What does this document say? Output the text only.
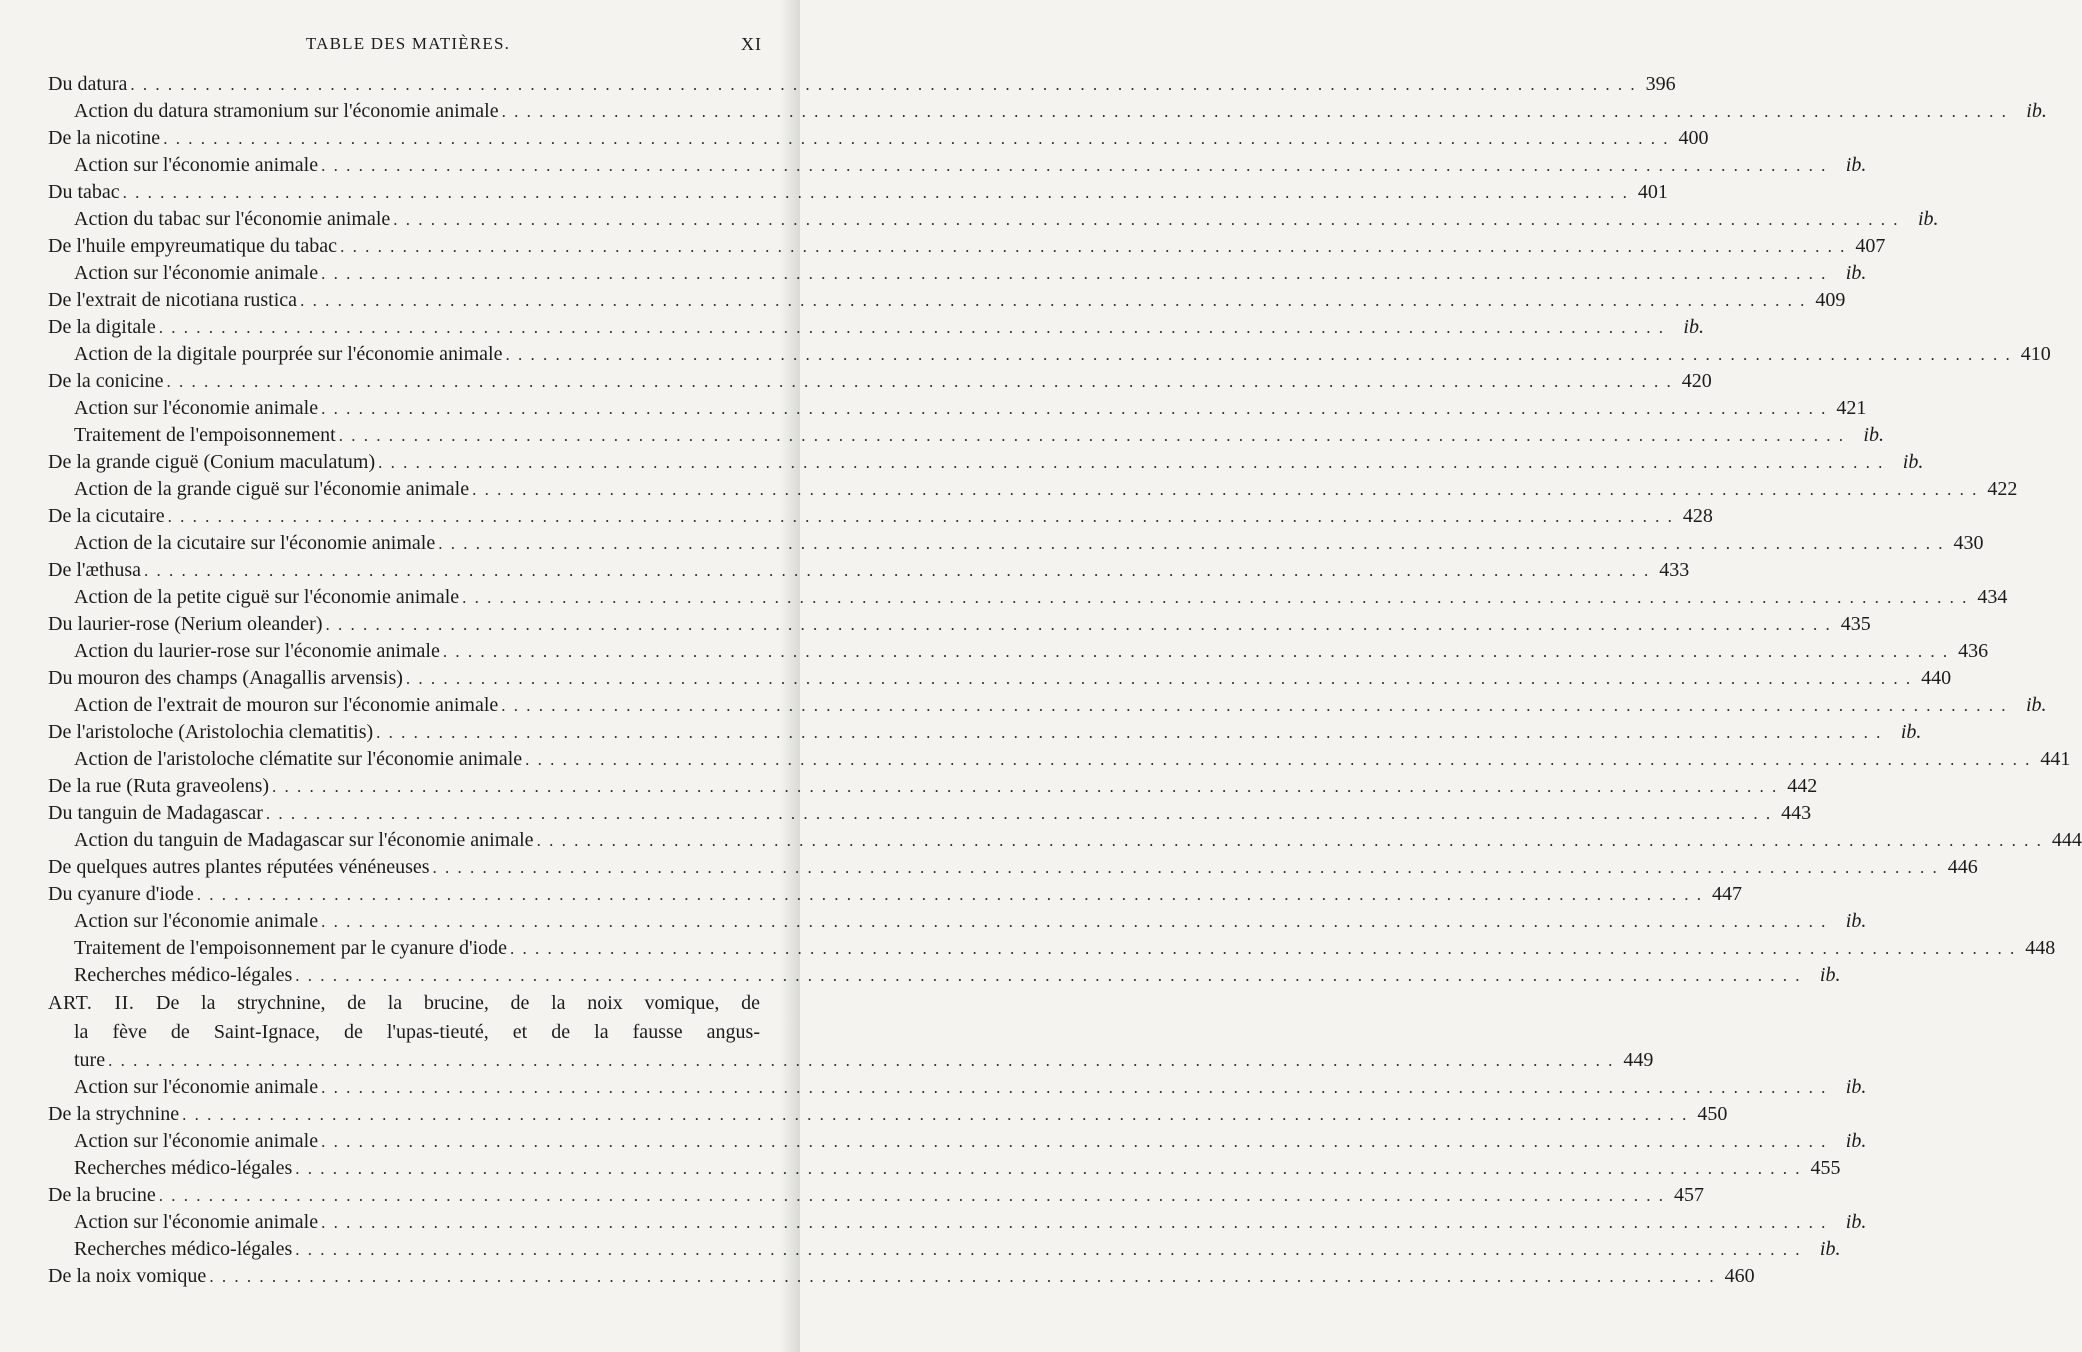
TABLE DES MATIÈRES.	XI
Du datura . . .	396
Action du datura stramonium sur l'économie animale . . .	ib.
De la nicotine . . .	400
Action sur l'économie animale . . .	ib.
Du tabac . . .	401
Action du tabac sur l'économie animale . . .	ib.
De l'huile empyreumatique du tabac . . .	407
Action sur l'économie animale . . .	ib.
De l'extrait de nicotiana rustica . . .	409
De la digitale . . .	ib.
Action de la digitale pourprée sur l'économie animale . . .	410
De la conicine . . .	420
Action sur l'économie animale . . .	421
Traitement de l'empoisonnement . . .	ib.
De la grande ciguë (Conium maculatum) . . .	ib.
Action de la grande ciguë sur l'économie animale . . .	422
De la cicutaire . . .	428
Action de la cicutaire sur l'économie animale . . .	430
De l'æthusa . . .	433
Action de la petite ciguë sur l'économie animale . . .	434
Du laurier-rose (Nerium oleander) . . .	435
Action du laurier-rose sur l'économie animale . . .	436
Du mouron des champs (Anagallis arvensis) . . .	440
Action de l'extrait de mouron sur l'économie animale . . .	ib.
De l'aristoloche (Aristolochia clematitis) . . .	ib.
Action de l'aristoloche clématite sur l'économie animale . . .	441
De la rue (Ruta graveolens) . . .	442
Du tanguin de Madagascar . . .	443
Action du tanguin de Madagascar sur l'économie animale . . .	444
De quelques autres plantes réputées vénéneuses . . .	446
Du cyanure d'iode . . .	447
Action sur l'économie animale . . .	ib.
Traitement de l'empoisonnement par le cyanure d'iode . . .	448
Recherches médico-légales . . .	ib.
ART. II. De la strychnine, de la brucine, de la noix vomique, de
la fève de Saint-Ignace, de l'upas-tieuté, et de la fausse angus-
ture . . .	449
Action sur l'économie animale . . .	ib.
De la strychnine . . .	450
Action sur l'économie animale . . .	ib.
Recherches médico-légales . . .	455
De la brucine . . .	457
Action sur l'économie animale . . .	ib.
Recherches médico-légales . . .	ib.
De la noix vomique . . .	460
